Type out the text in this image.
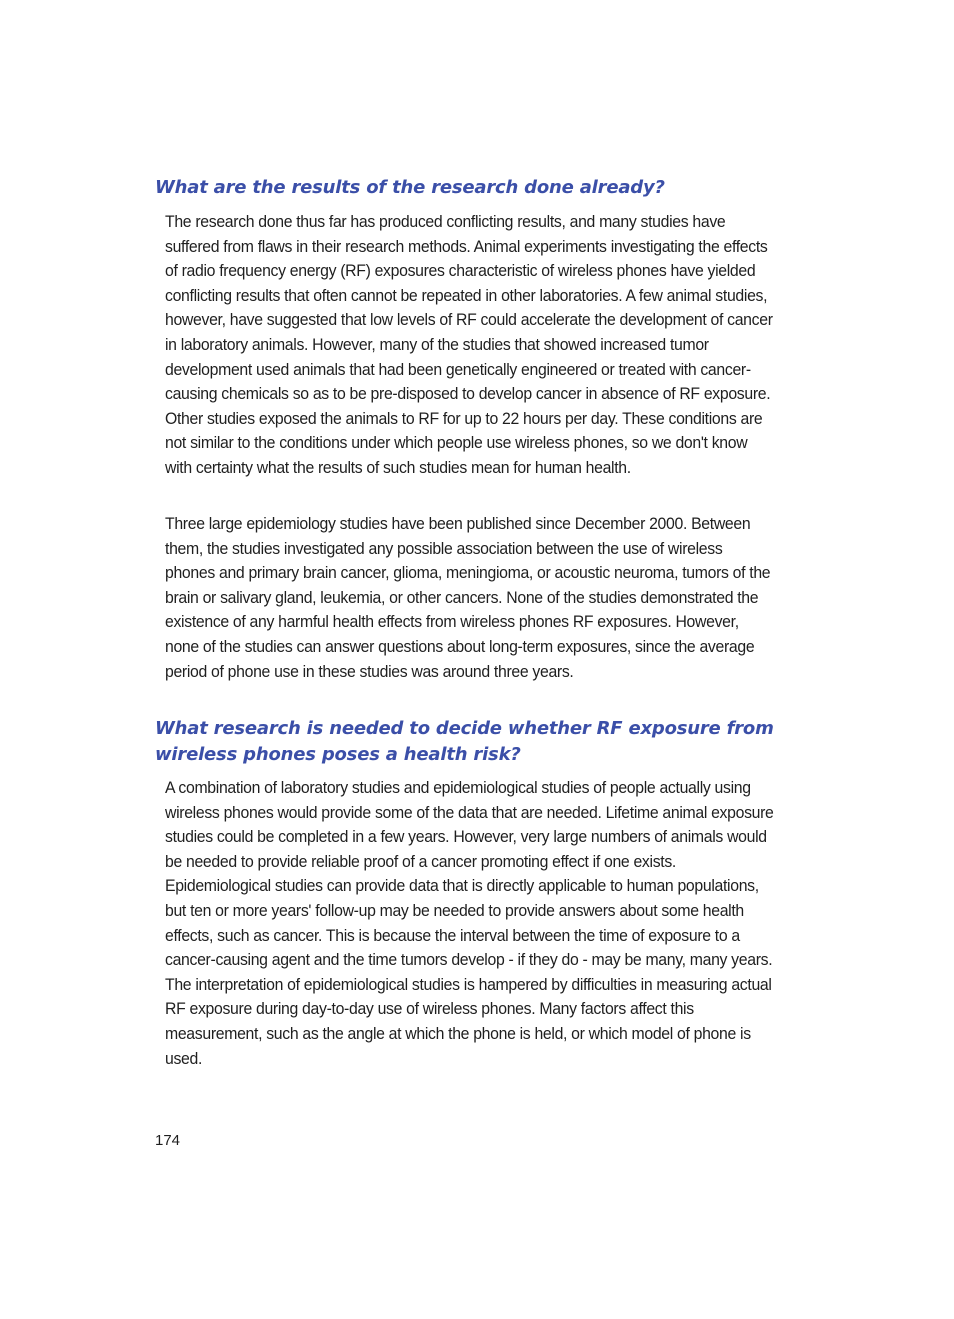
What are the results of the research done already?

The research done thus far has produced conflicting results, and many studies have suffered from flaws in their research methods. Animal experiments investigating the effects of radio frequency energy (RF) exposures characteristic of wireless phones have yielded conflicting results that often cannot be repeated in other laboratories. A few animal studies, however, have suggested that low levels of RF could accelerate the development of cancer in laboratory animals. However, many of the studies that showed increased tumor development used animals that had been genetically engineered or treated with cancer-causing chemicals so as to be pre-disposed to develop cancer in absence of RF exposure. Other studies exposed the animals to RF for up to 22 hours per day. These conditions are not similar to the conditions under which people use wireless phones, so we don't know with certainty what the results of such studies mean for human health.

Three large epidemiology studies have been published since December 2000. Between them, the studies investigated any possible association between the use of wireless phones and primary brain cancer, glioma, meningioma, or acoustic neuroma, tumors of the brain or salivary gland, leukemia, or other cancers. None of the studies demonstrated the existence of any harmful health effects from wireless phones RF exposures. However, none of the studies can answer questions about long-term exposures, since the average period of phone use in these studies was around three years.

What research is needed to decide whether RF exposure from wireless phones poses a health risk?

A combination of laboratory studies and epidemiological studies of people actually using wireless phones would provide some of the data that are needed. Lifetime animal exposure studies could be completed in a few years. However, very large numbers of animals would be needed to provide reliable proof of a cancer promoting effect if one exists. Epidemiological studies can provide data that is directly applicable to human populations, but ten or more years' follow-up may be needed to provide answers about some health effects, such as cancer. This is because the interval between the time of exposure to a cancer-causing agent and the time tumors develop - if they do - may be many, many years. The interpretation of epidemiological studies is hampered by difficulties in measuring actual RF exposure during day-to-day use of wireless phones. Many factors affect this measurement, such as the angle at which the phone is held, or which model of phone is used.

174
